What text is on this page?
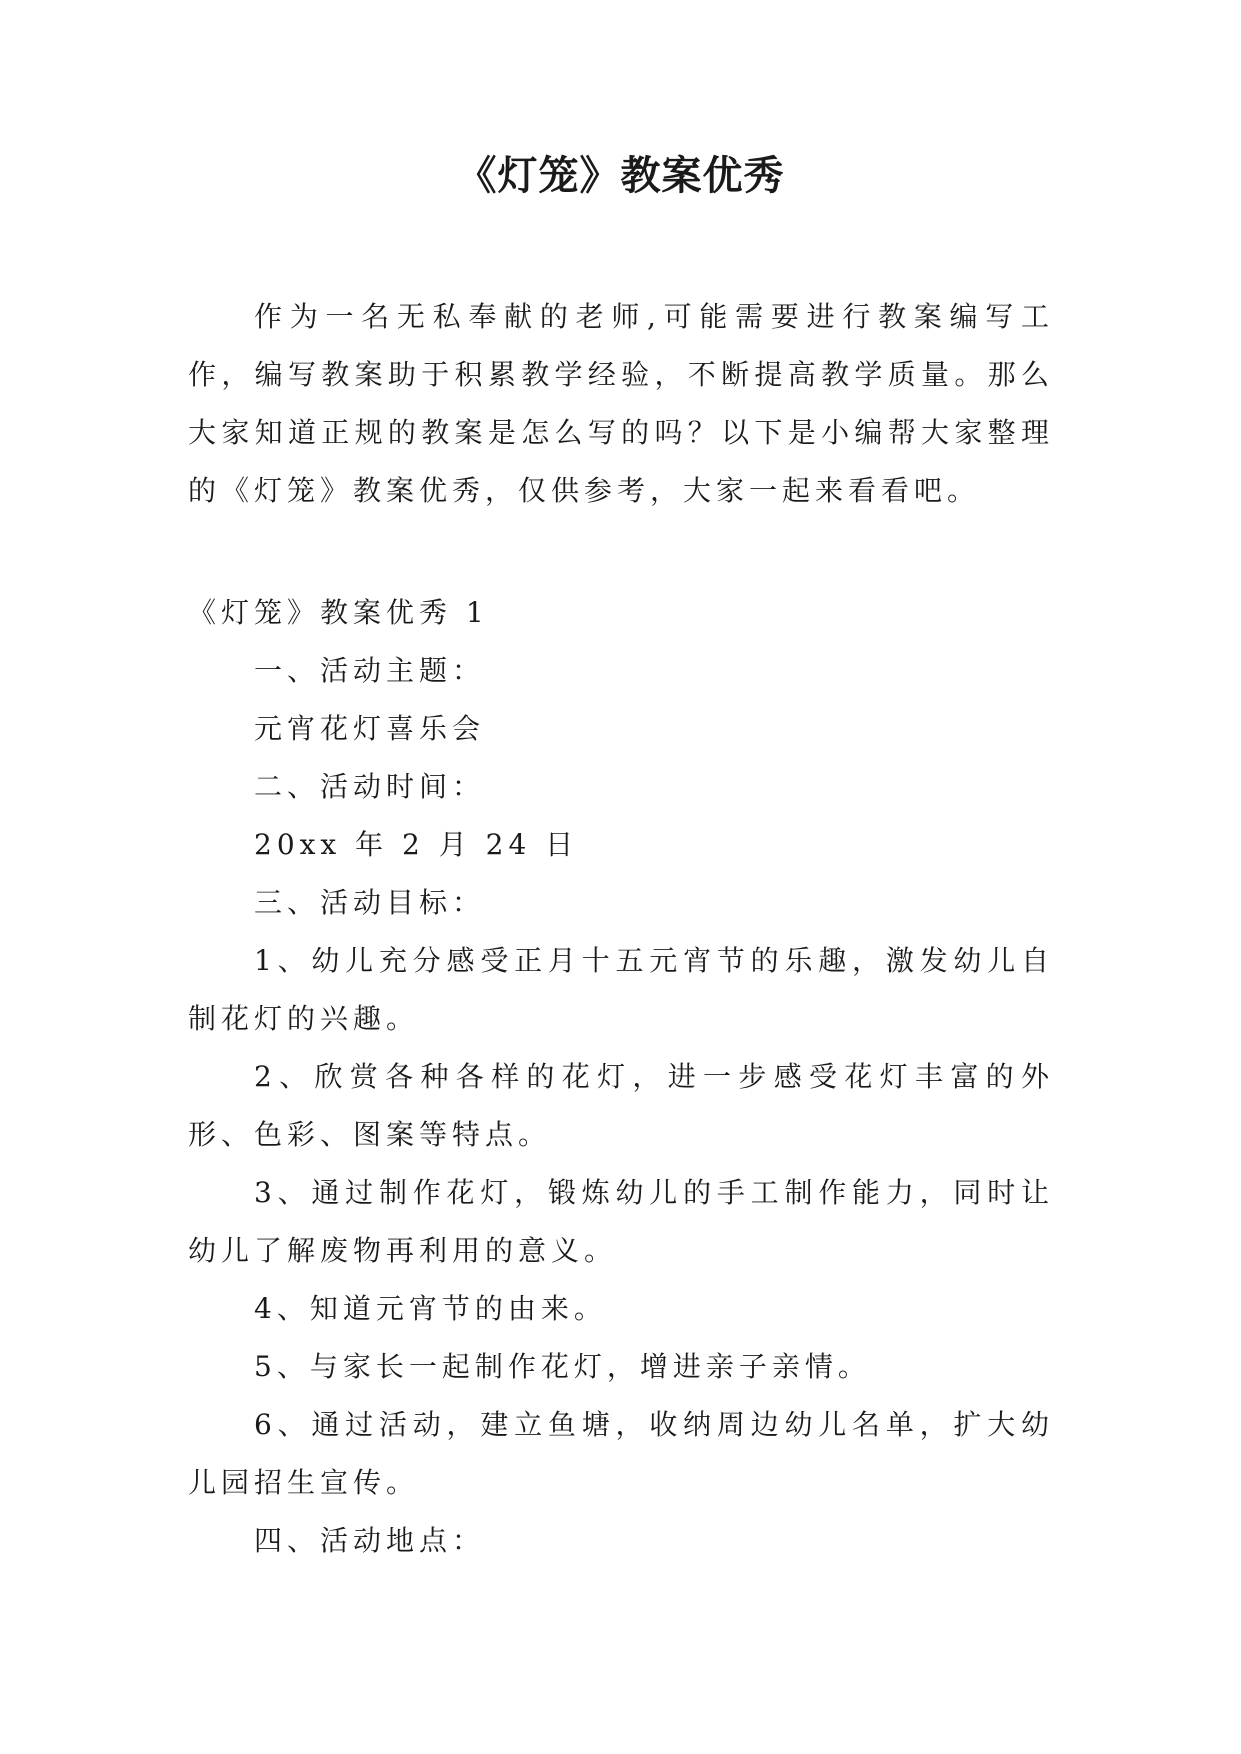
《灯笼》教案优秀

作为一名无私奉献的老师,可能需要进行教案编写工作，编写教案助于积累教学经验，不断提高教学质量。那么大家知道正规的教案是怎么写的吗？以下是小编帮大家整理的《灯笼》教案优秀，仅供参考，大家一起来看看吧。

《灯笼》教案优秀 1

一、活动主题：

元宵花灯喜乐会

二、活动时间：

20xx 年 2 月 24 日

三、活动目标：

1、幼儿充分感受正月十五元宵节的乐趣，激发幼儿自制花灯的兴趣。

2、欣赏各种各样的花灯，进一步感受花灯丰富的外形、色彩、图案等特点。

3、通过制作花灯，锻炼幼儿的手工制作能力，同时让幼儿了解废物再利用的意义。

4、知道元宵节的由来。

5、与家长一起制作花灯，增进亲子亲情。

6、通过活动，建立鱼塘，收纳周边幼儿名单，扩大幼儿园招生宣传。

四、活动地点：
